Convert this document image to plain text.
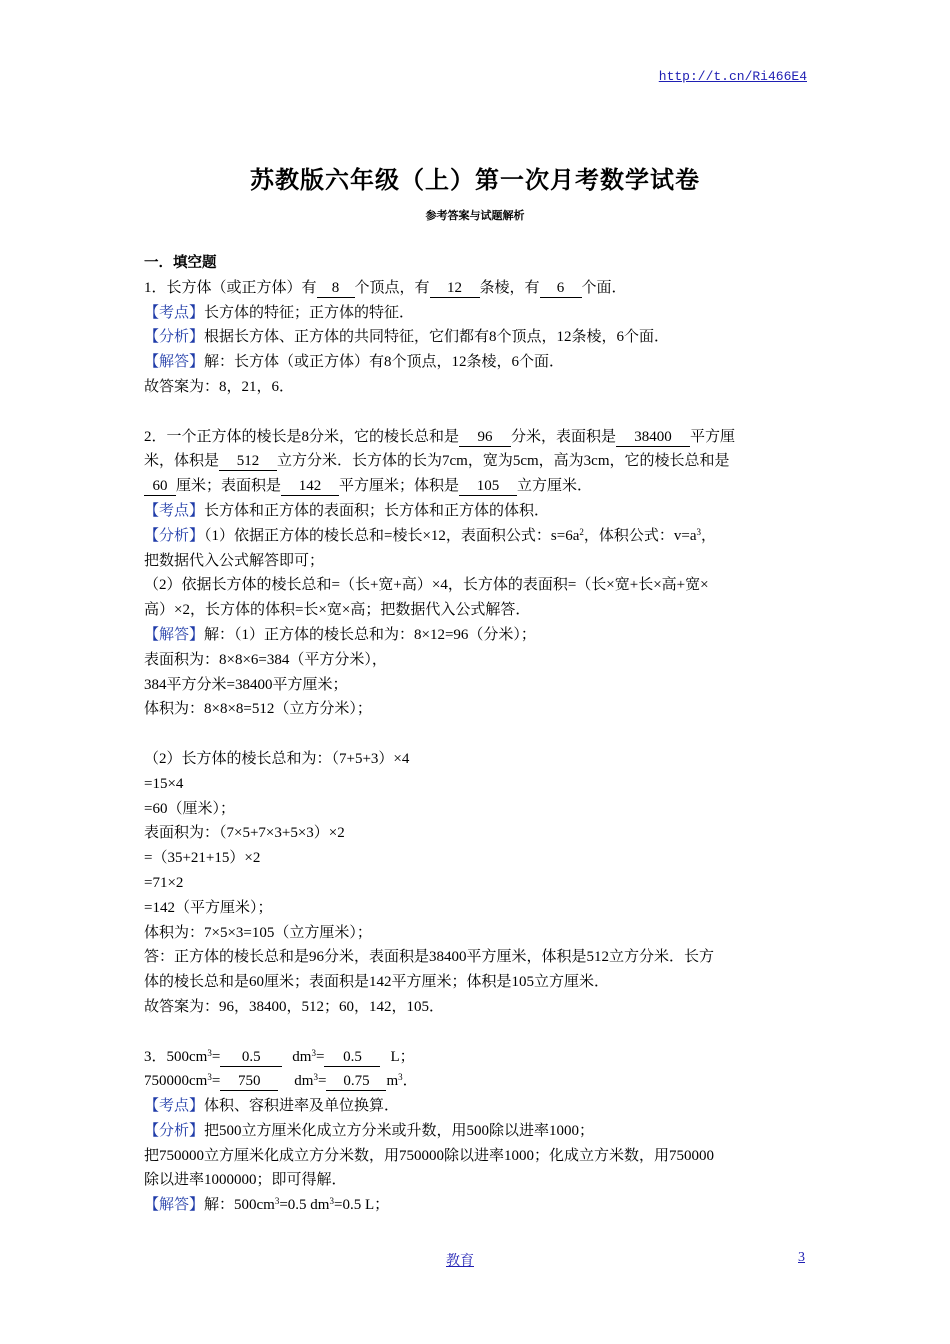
http://t.cn/Ri466E4
苏教版六年级（上）第一次月考数学试卷
参考答案与试题解析
一．填空题
1．长方体（或正方体）有 8 个顶点，有 12 条棱，有 6 个面．
【考点】长方体的特征；正方体的特征．
【分析】根据长方体、正方体的共同特征，它们都有8个顶点，12条棱，6个面．
【解答】解：长方体（或正方体）有8个顶点，12条棱，6个面．
故答案为：8，21，6．
2．一个正方体的棱长是8分米，它的棱长总和是 96 分米，表面积是 38400 平方厘
米，体积是 512 立方分米．长方体的长为7cm，宽为5cm，高为3cm，它的棱长总和是
60 厘米；表面积是 142 平方厘米；体积是 105 立方厘米．
【考点】长方体和正方体的表面积；长方体和正方体的体积．
【分析】（1）依据正方体的棱长总和=棱长×12，表面积公式：$s=6a^2$，体积公式：$v=a^3$，
把数据代入公式解答即可；
（2）依据长方体的棱长总和=（长+宽+高）×4，长方体的表面积=（长×宽+长×高+宽×
高）×2，长方体的体积=长×宽×高；把数据代入公式解答．
【解答】解：（1）正方体的棱长总和为：8×12=96（分米）；
表面积为：8×8×6=384（平方分米），
384平方分米=38400平方厘米；
体积为：8×8×8=512（立方分米）；
（2）长方体的棱长总和为：（7+5+3）×4
=15×4
=60（厘米）；
表面积为：（7×5+7×3+5×3）×2
=（35+21+15）×2
=71×2
=142（平方厘米）；
体积为：7×5×3=105（立方厘米）；
答：正方体的棱长总和是96分米，表面积是38400平方厘米，体积是512立方分米．长方
体的棱长总和是60厘米；表面积是142平方厘米；体积是105立方厘米．
故答案为：96，38400，512；60，142，105．
3．$500cm^3= 0.5$ $dm^3= 0.5$ L；
$750000cm^3= 750$ $dm^3= 0.75$ $m^3$．
【考点】体积、容积进率及单位换算．
【分析】把500立方厘米化成立方分米或升数，用500除以进率1000；
把750000立方厘米化成立方分米数，用750000除以进率1000；化成立方米数，用750000
除以进率1000000；即可得解．
【解答】解：$500cm^3=0.5$ $dm^3=0.5$ L；
教育	3
